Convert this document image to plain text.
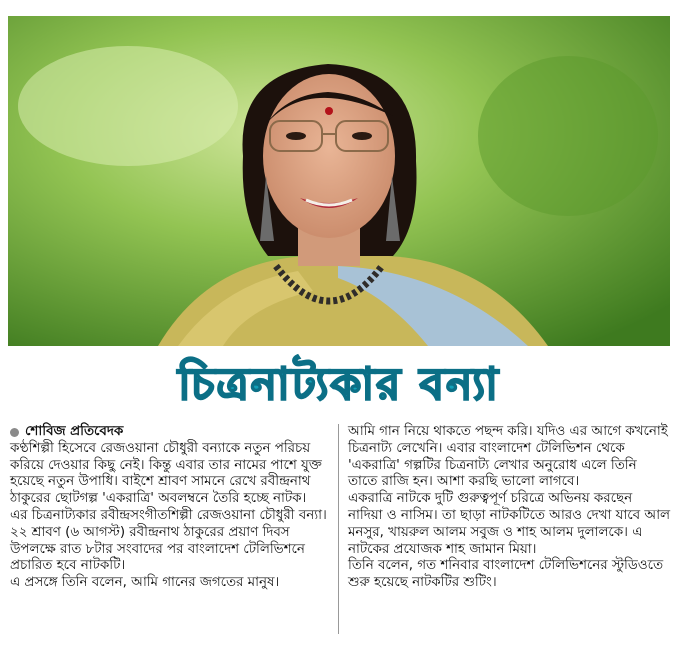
চিত্রনাট্যকার বন্যা
শোবিজ প্রতিবেদক

কণ্ঠশিল্পী হিসেবে রেজওয়ানা চৌধুরী বন্যাকে নতুন পরিচয় করিয়ে দেওয়ার কিছু নেই। কিন্তু এবার তার নামের পাশে যুক্ত হয়েছে নতুন উপাধি। বাইশে শ্রাবণ সামনে রেখে রবীন্দ্রনাথ ঠাকুরের ছোটগল্প 'একরাত্রি' অবলম্বনে তৈরি হচ্ছে নাটক। এর চিত্রনাট্যকার রবীন্দ্রসংগীতশিল্পী রেজওয়ানা চৌধুরী বন্যা। ২২ শ্রাবণ (৬ আগস্ট) রবীন্দ্রনাথ ঠাকুরের প্রয়াণ দিবস উপলক্ষে রাত ৮টার সংবাদের পর বাংলাদেশ টেলিভিশনে প্রচারিত হবে নাটকটি।

এ প্রসঙ্গে তিনি বলেন, আমি গানের জগতের মানুষ।

আমি গান নিয়ে থাকতে পছন্দ করি। যদিও এর আগে কখনোই চিত্রনাট্য লেখেনি। এবার বাংলাদেশ টেলিভিশন থেকে 'একরাত্রি' গল্পটির চিত্রনাট্য লেখার অনুরোধ এলে তিনি তাতে রাজি হন। আশা করছি ভালো লাগবে।

একরাত্রি নাটকে দুটি গুরুত্বপূর্ণ চরিত্রে অভিনয় করছেন নাদিয়া ও নাসিম। তা ছাড়া নাটকটিতে আরও দেখা যাবে আল মনসুর, খায়রুল আলম সবুজ ও শাহ আলম দুলালকে। এ নাটকের প্রযোজক শাহ জামান মিয়া।

তিনি বলেন, গত শনিবার বাংলাদেশ টেলিভিশনের স্টুডিওতে শুরু হয়েছে নাটকটির শুটিং।
